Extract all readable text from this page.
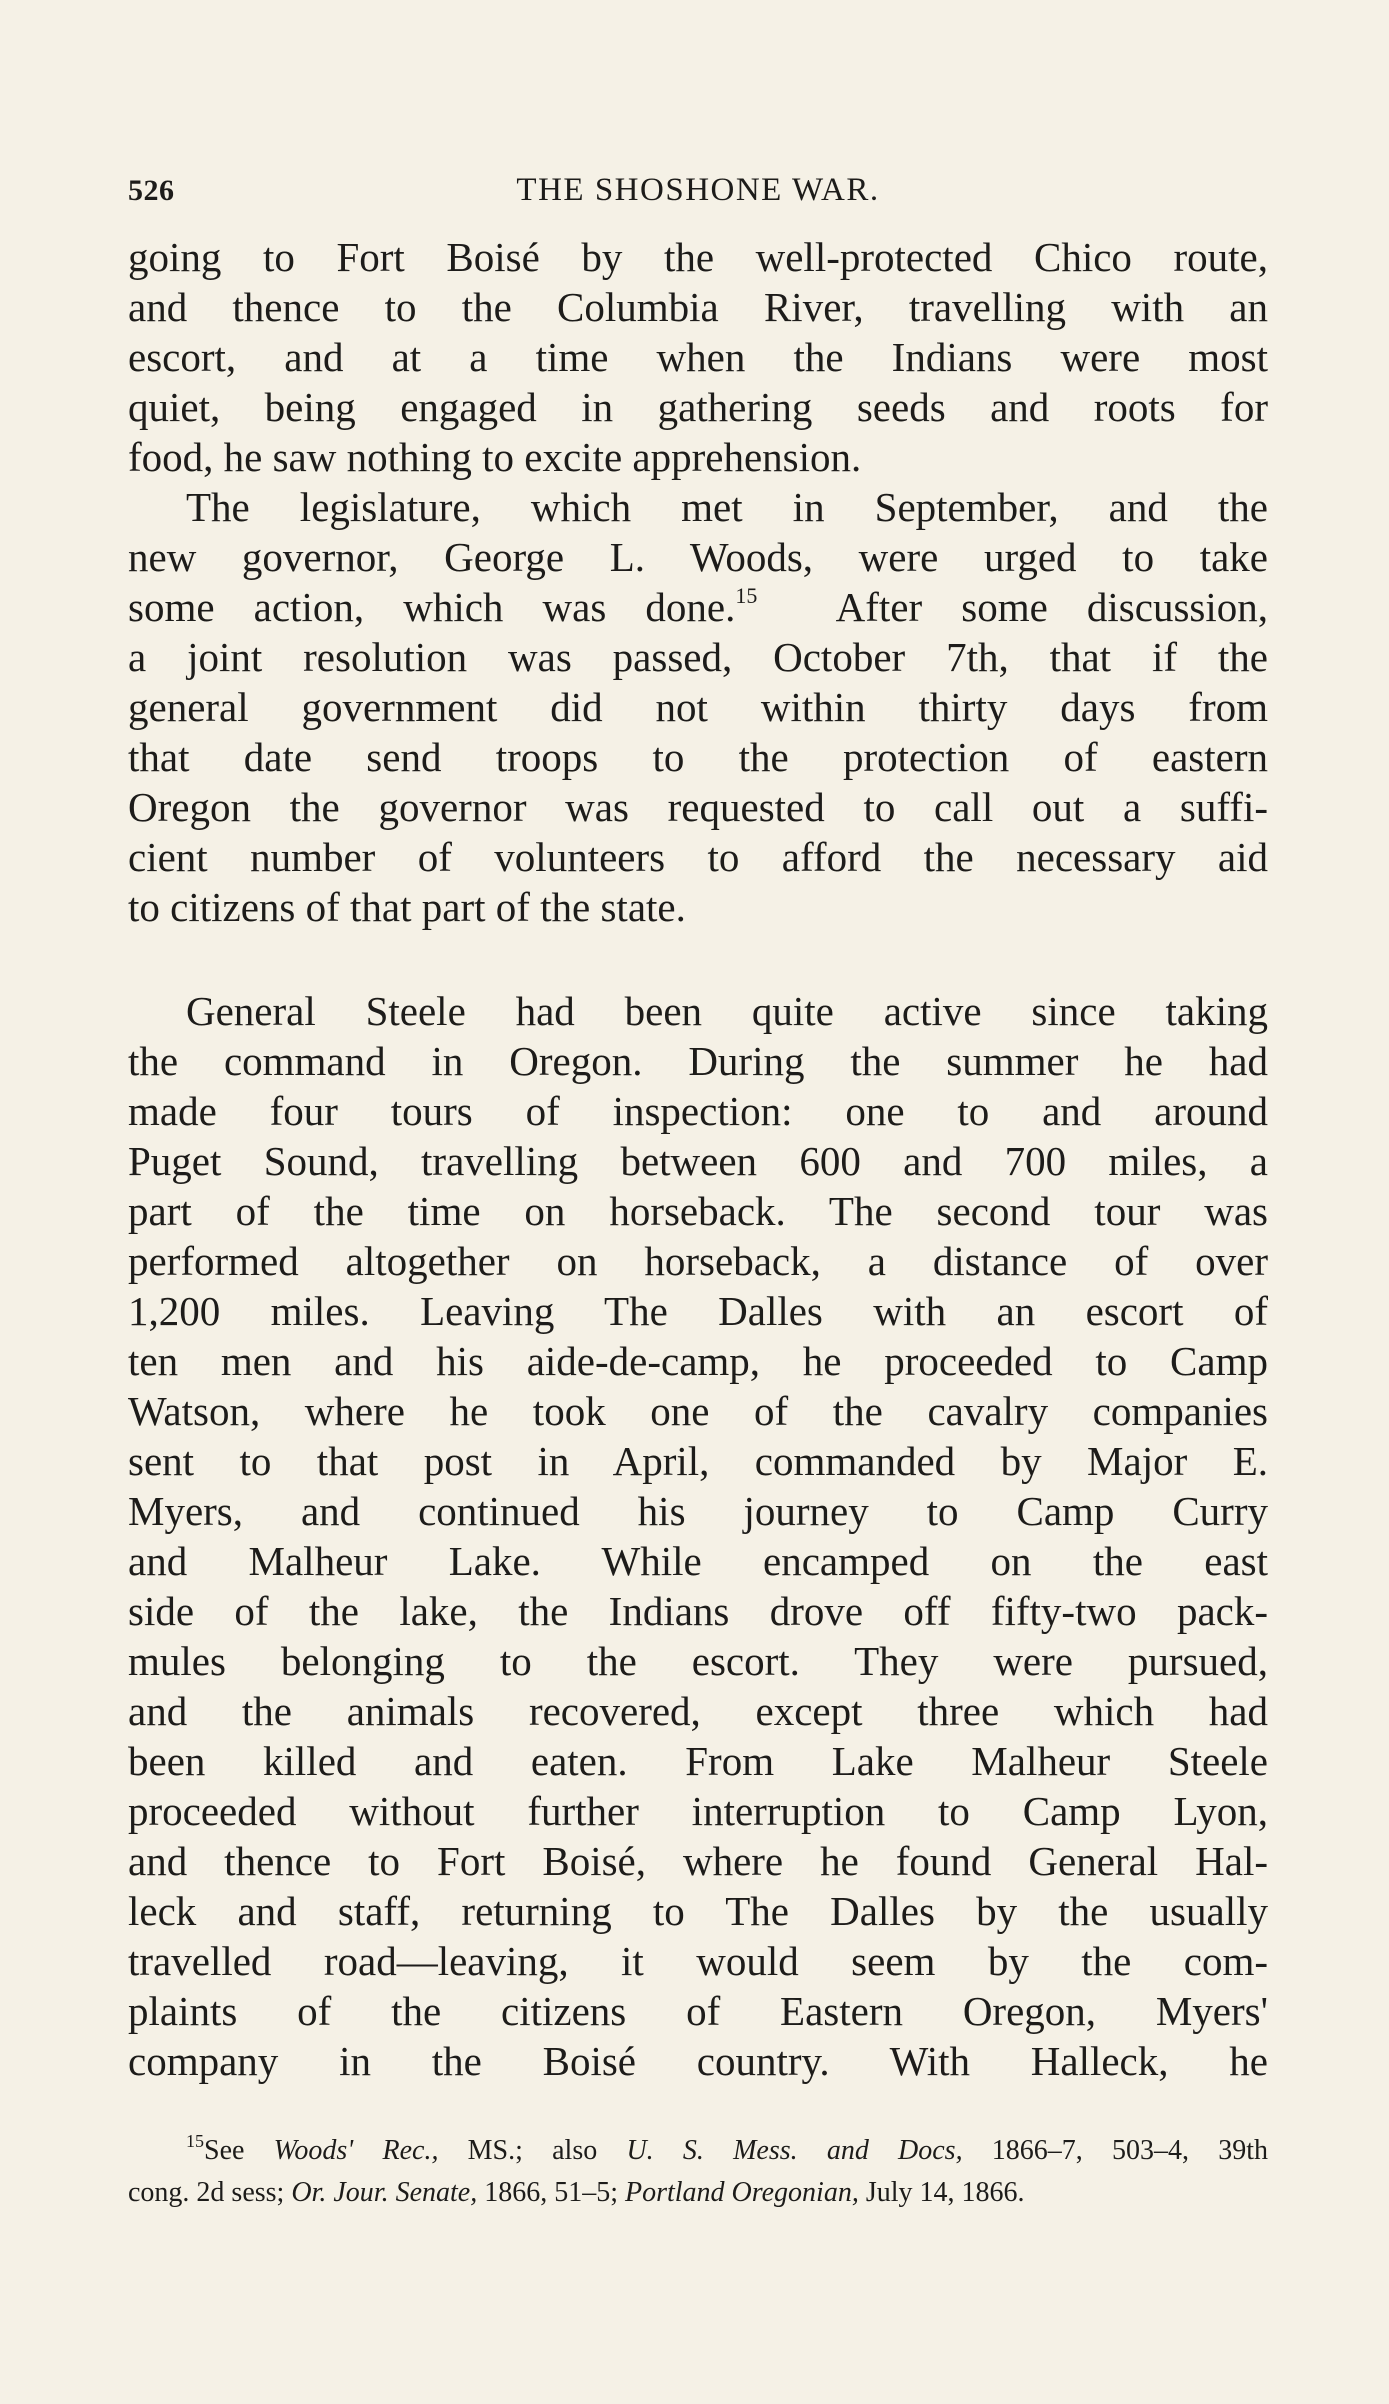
526	THE SHOSHONE WAR.
going to Fort Boisé by the well-protected Chico route,
and thence to the Columbia River, travelling with an
escort, and at a time when the Indians were most
quiet, being engaged in gathering seeds and roots for
food, he saw nothing to excite apprehension.
The legislature, which met in September, and the
new governor, George L. Woods, were urged to take
some action, which was done.$^{15}$ After some discussion,
a joint resolution was passed, October 7th, that if the
general government did not within thirty days from
that date send troops to the protection of eastern
Oregon the governor was requested to call out a suffi-
cient number of volunteers to afford the necessary aid
to citizens of that part of the state.
General Steele had been quite active since taking
the command in Oregon. During the summer he had
made four tours of inspection: one to and around
Puget Sound, travelling between 600 and 700 miles, a
part of the time on horseback. The second tour was
performed altogether on horseback, a distance of over
1,200 miles. Leaving The Dalles with an escort of
ten men and his aide-de-camp, he proceeded to Camp
Watson, where he took one of the cavalry companies
sent to that post in April, commanded by Major E.
Myers, and continued his journey to Camp Curry
and Malheur Lake. While encamped on the east
side of the lake, the Indians drove off fifty-two pack-
mules belonging to the escort. They were pursued,
and the animals recovered, except three which had
been killed and eaten. From Lake Malheur Steele
proceeded without further interruption to Camp Lyon,
and thence to Fort Boisé, where he found General Hal-
leck and staff, returning to The Dalles by the usually
travelled road—leaving, it would seem by the com-
plaints of the citizens of Eastern Oregon, Myers'
company in the Boisé country. With Halleck, he
$^{15}$See Woods' Rec., MS.; also U. S. Mess. and Docs, 1866–7, 503–4, 39th
cong. 2d sess; Or. Jour. Senate, 1866, 51–5; Portland Oregonian, July 14, 1866.
